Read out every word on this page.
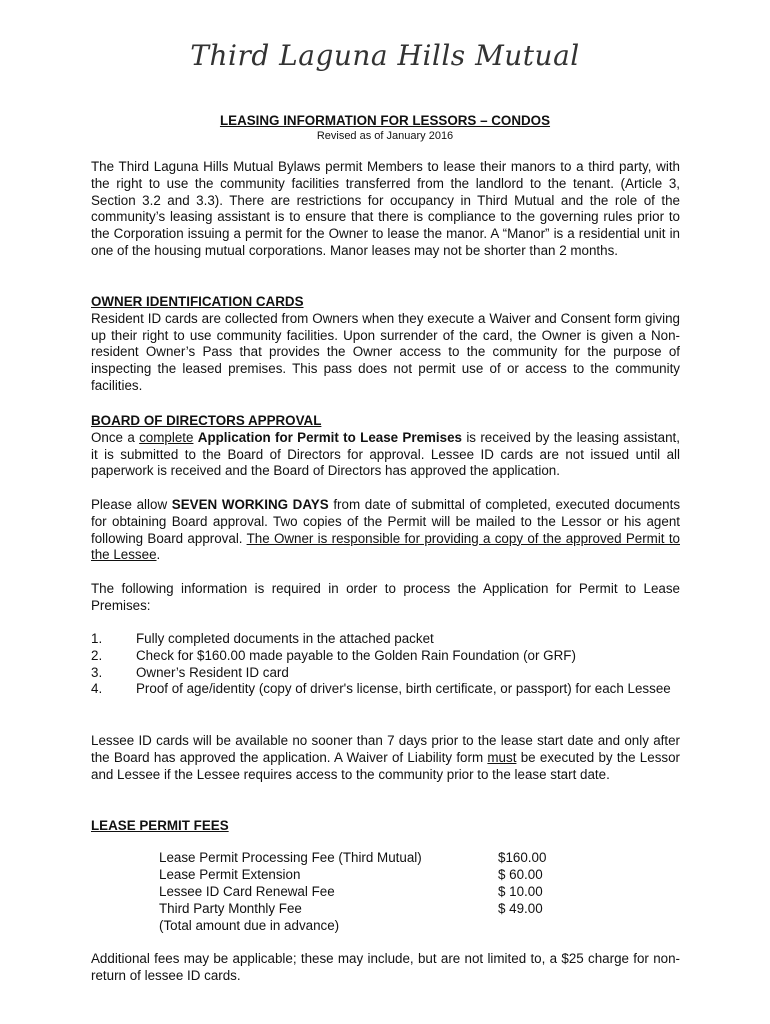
Third Laguna Hills Mutual
LEASING INFORMATION FOR LESSORS – CONDOS
Revised as of January 2016

The Third Laguna Hills Mutual Bylaws permit Members to lease their manors to a third party, with the right to use the community facilities transferred from the landlord to the tenant. (Article 3, Section 3.2 and 3.3). There are restrictions for occupancy in Third Mutual and the role of the community’s leasing assistant is to ensure that there is compliance to the governing rules prior to the Corporation issuing a permit for the Owner to lease the manor. A “Manor” is a residential unit in one of the housing mutual corporations. Manor leases may not be shorter than 2 months.

OWNER IDENTIFICATION CARDS
Resident ID cards are collected from Owners when they execute a Waiver and Consent form giving up their right to use community facilities. Upon surrender of the card, the Owner is given a Non-resident Owner’s Pass that provides the Owner access to the community for the purpose of inspecting the leased premises. This pass does not permit use of or access to the community facilities.
BOARD OF DIRECTORS APPROVAL
Once a complete Application for Permit to Lease Premises is received by the leasing assistant, it is submitted to the Board of Directors for approval. Lessee ID cards are not issued until all paperwork is received and the Board of Directors has approved the application.

Please allow SEVEN WORKING DAYS from date of submittal of completed, executed documents for obtaining Board approval. Two copies of the Permit will be mailed to the Lessor or his agent following Board approval. The Owner is responsible for providing a copy of the approved Permit to the Lessee.

The following information is required in order to process the Application for Permit to Lease Premises:

1.	Fully completed documents in the attached packet
2.	Check for $160.00 made payable to the Golden Rain Foundation (or GRF)
3.	Owner’s Resident ID card
4.	Proof of age/identity (copy of driver's license, birth certificate, or passport) for each Lessee

Lessee ID cards will be available no sooner than 7 days prior to the lease start date and only after the Board has approved the application. A Waiver of Liability form must be executed by the Lessor and Lessee if the Lessee requires access to the community prior to the lease start date.

LEASE PERMIT FEES
Lease Permit Processing Fee (Third Mutual)	$160.00
Lease Permit Extension	$ 60.00
Lessee ID Card Renewal Fee	$ 10.00
Third Party Monthly Fee	$ 49.00
(Total amount due in advance)

Additional fees may be applicable; these may include, but are not limited to, a $25 charge for non-return of lessee ID cards.
